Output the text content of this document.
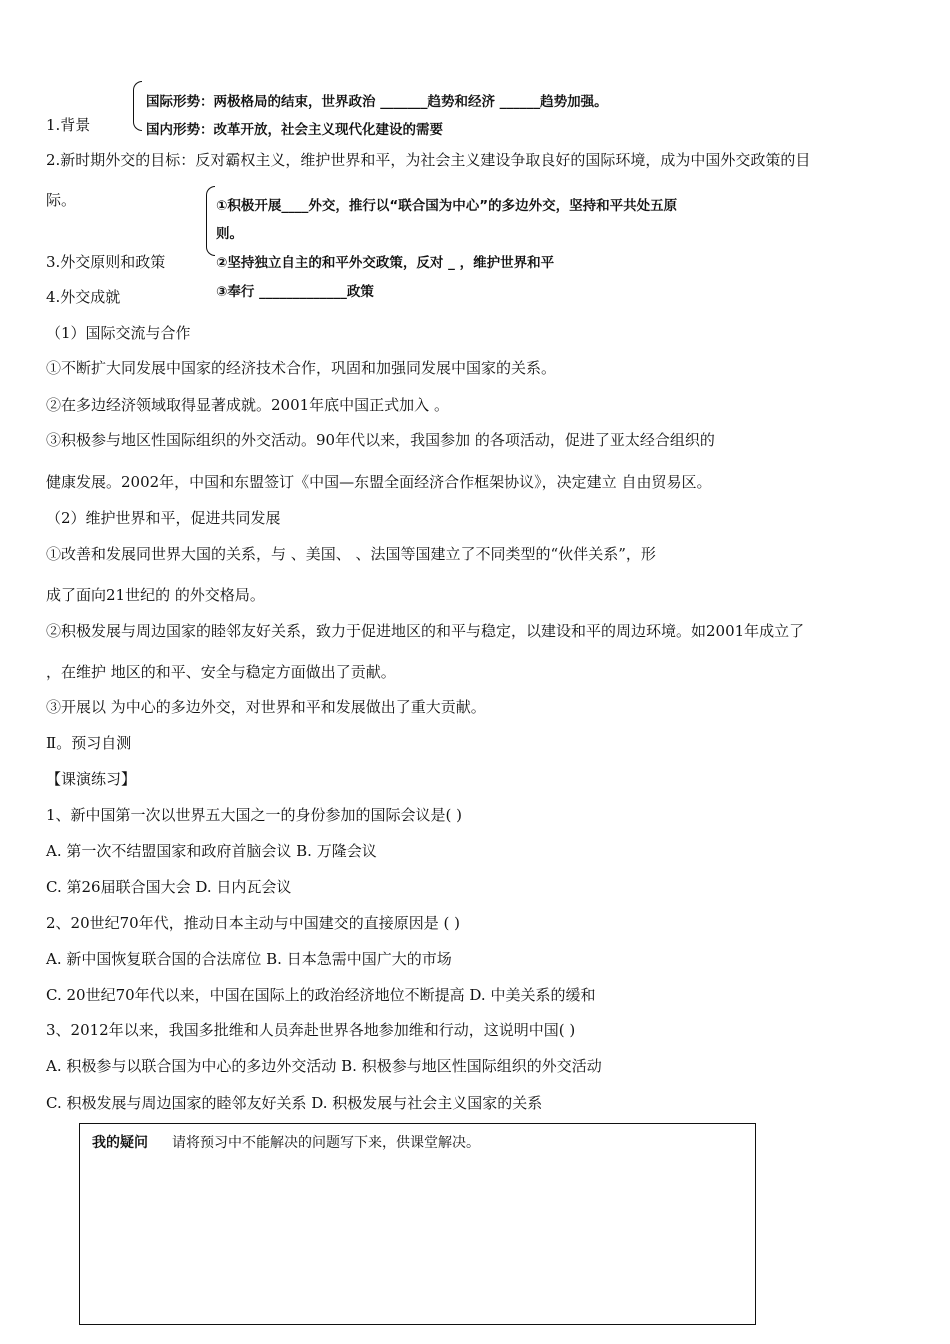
国际形势：两极格局的结束，世界政治 _______趋势和经济 ______趋势加强。
1.背景	国内形势：改革开放，社会主义现代化建设的需要
2.新时期外交的目标：反对霸权主义，维护世界和平，为社会主义建设争取良好的国际环境，成为中国外交政策的目
际。	①积极开展____外交，推行以“联合国为中心”的多边外交，坚持和平共处五原
则。
3.外交原则和政策	②坚持独立自主的和平外交政策，反对 _ ，维护世界和平
③奉行 _____________政策
4.外交成就
（1）国际交流与合作
①不断扩大同发展中国家的经济技术合作，巩固和加强同发展中国家的关系。
②在多边经济领域取得显著成就。2001年底中国正式加入 。
③积极参与地区性国际组织的外交活动。90年代以来，我国参加 的各项活动，促进了亚太经合组织的
健康发展。2002年，中国和东盟签订《中国—东盟全面经济合作框架协议》，决定建立 自由贸易区。
（2）维护世界和平，促进共同发展
①改善和发展同世界大国的关系，与 、美国、 、法国等国建立了不同类型的“伙伴关系”，形
成了面向21世纪的 的外交格局。
②积极发展与周边国家的睦邻友好关系，致力于促进地区的和平与稳定，以建设和平的周边环境。如2001年成立了
，在维护 地区的和平、安全与稳定方面做出了贡献。
③开展以 为中心的多边外交，对世界和平和发展做出了重大贡献。
Ⅱ。预习自测
【课演练习】
1、新中国第一次以世界五大国之一的身份参加的国际会议是( )
A. 第一次不结盟国家和政府首脑会议 B. 万隆会议
C. 第26届联合国大会 D. 日内瓦会议
2、20世纪70年代，推动日本主动与中国建交的直接原因是 ( )
A. 新中国恢复联合国的合法席位 B. 日本急需中国广大的市场
C. 20世纪70年代以来，中国在国际上的政治经济地位不断提高 D. 中美关系的缓和
3、2012年以来，我国多批维和人员奔赴世界各地参加维和行动，这说明中国( )
A. 积极参与以联合国为中心的多边外交活动 B. 积极参与地区性国际组织的外交活动
C. 积极发展与周边国家的睦邻友好关系 D. 积极发展与社会主义国家的关系
我的疑问 请将预习中不能解决的问题写下来，供课堂解决。
